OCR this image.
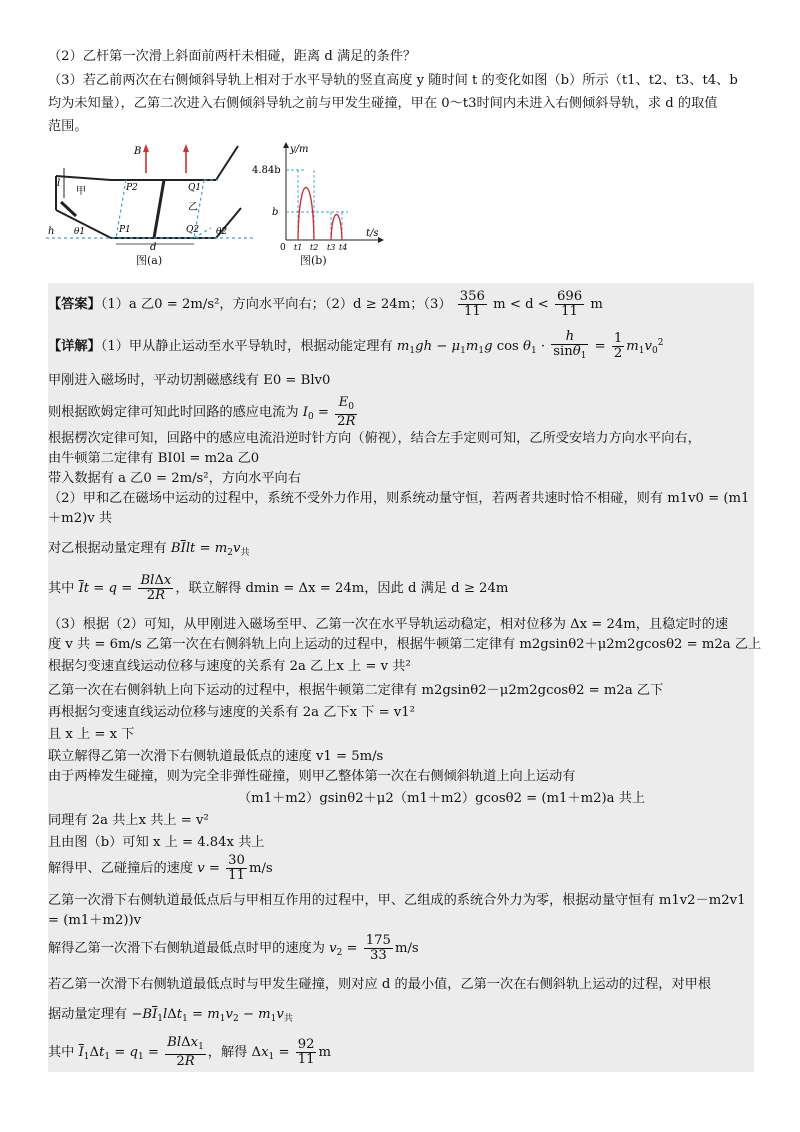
（2）乙杆第一次滑上斜面前两杆未相碰，距离 d 满足的条件？
（3）若乙前两次在右侧倾斜导轨上相对于水平导轨的竖直高度 y 随时间 t 的变化如图（b）所示（t1、t2、t3、t4、b
均为未知量），乙第二次进入右侧倾斜导轨之前与甲发生碰撞，甲在 0～t3时间内未进入右侧倾斜导轨，求 d 的取值
范围。
B
l
甲
乙
P2
P1
Q1
Q2
h θ1	θ2
d
图(a)
y/m
t/s
4.84b
b
0 t1 t2 t3 t4
图(b)
【答案】（1）a 乙0 = 2m/s²，方向水平向右；（2）d ≥ 24m；$(3) \frac{356}{11}$ $m < d < \frac{696}{11}$ m
【详解】（1）甲从静止运动至水平导轨时，根据动能定理有 $m_1gh - \mu_1m_1g$ $\cos \theta_1 \cdot \frac{h}{\sin\theta_1} = \frac{1}{2} m_1v_0^2$
甲刚进入磁场时，平动切割磁感线有 E0 = Blv0
则根据欧姆定律可知此时回路的感应电流为 $I_0 = \frac{E_0}{2R}$
根据楞次定律可知，回路中的感应电流沿逆时针方向（俯视），结合左手定则可知，乙所受安培力方向水平向右，
由牛顿第二定律有 BI0l = m2a 乙0
带入数据有 a 乙0 = 2m/s²，方向水平向右
（2）甲和乙在磁场中运动的过程中，系统不受外力作用，则系统动量守恒，若两者共速时恰不相碰，则有 m1v0 = (m1
＋m2)v 共
对乙根据动量定理有 $B\overline{I}lt = m_2v_共$
其中 $\overline{I}t = q = \frac{\text{BlΔx}}{2R}$ ，联立解得 dmin = Δx = 24m，因此 d 满足 d ≥ 24m
（3）根据（2）可知，从甲刚进入磁场至甲、乙第一次在水平导轨运动稳定，相对位移为 Δx = 24m，且稳定时的速
度 v 共 = 6m/s 乙第一次在右侧斜轨上向上运动的过程中，根据牛顿第二定律有 m2gsinθ2＋μ2m2gcosθ2 = m2a 乙上
根据匀变速直线运动位移与速度的关系有 2a 乙上x 上 = v 共²
乙第一次在右侧斜轨上向下运动的过程中，根据牛顿第二定律有 m2gsinθ2－μ2m2gcosθ2 = m2a 乙下
再根据匀变速直线运动位移与速度的关系有 2a 乙下x 下 = v1²
且 x 上 = x 下
联立解得乙第一次滑下右侧轨道最低点的速度 v1 = 5m/s
由于两棒发生碰撞，则为完全非弹性碰撞，则甲乙整体第一次在右侧倾斜轨道上向上运动有
（m1＋m2）gsinθ2＋μ2（m1＋m2）gcosθ2 = (m1＋m2)a 共上
同理有 2a 共上x 共上 = v²
且由图（b）可知 x 上 = 4.84x 共上
解得甲、乙碰撞后的速度 $v = \frac{30}{11} m/s$
乙第一次滑下右侧轨道最低点后与甲相互作用的过程中，甲、乙组成的系统合外力为零，根据动量守恒有 m1v2－m2v1
= (m1＋m2))v
解得乙第一次滑下右侧轨道最低点时甲的速度为 $v_2 = \frac{175}{33} m/s$
若乙第一次滑下右侧轨道最低点时与甲发生碰撞，则对应 d 的最小值，乙第一次在右侧斜轨上运动的过程，对甲根
据动量定理有 $-B\overline{I}_1l\Delta t_1 = m_1v_2 - m_1v_共$
其中 $\overline{I}_1\Delta t_1 = q_1 = \frac{Bl\Delta x_1}{2R}$ ，解得 $\Delta x_1 = \frac{92}{11}$ m
